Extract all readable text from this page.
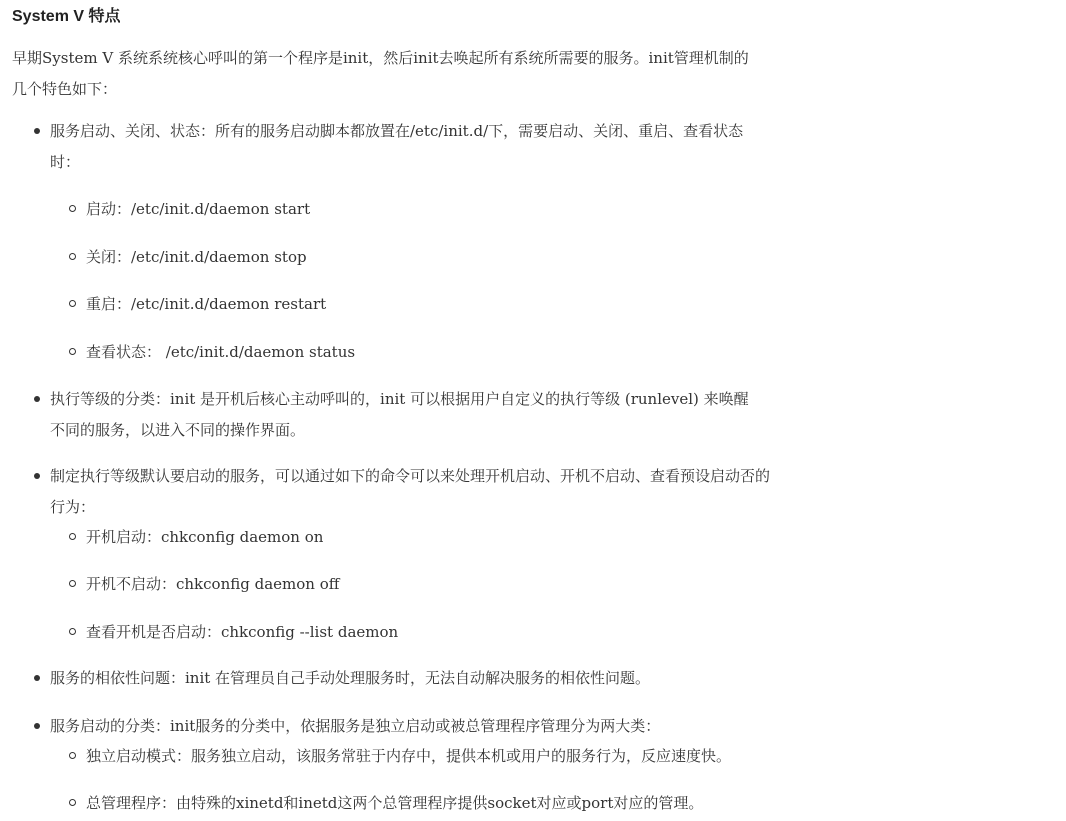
System V 特点

早期System V 系统系统核心呼叫的第一个程序是init，然后init去唤起所有系统所需要的服务。init管理机制的
几个特色如下：

服务启动、关闭、状态：所有的服务启动脚本都放置在/etc/init.d/下，需要启动、关闭、重启、查看状态
时：
启动：/etc/init.d/daemon start
关闭：/etc/init.d/daemon stop
重启：/etc/init.d/daemon restart
查看状态： /etc/init.d/daemon status
执行等级的分类：init 是开机后核心主动呼叫的，init 可以根据用户自定义的执行等级 (runlevel) 来唤醒
不同的服务，以进入不同的操作界面。
制定执行等级默认要启动的服务，可以通过如下的命令可以来处理开机启动、开机不启动、查看预设启动否的
行为：
开机启动：chkconfig daemon on
开机不启动：chkconfig daemon off
查看开机是否启动：chkconfig --list daemon
服务的相依性问题：init 在管理员自己手动处理服务时，无法自动解决服务的相依性问题。
服务启动的分类：init服务的分类中，依据服务是独立启动或被总管理程序管理分为两大类：
独立启动模式：服务独立启动，该服务常驻于内存中，提供本机或用户的服务行为，反应速度快。
总管理程序：由特殊的xinetd和inetd这两个总管理程序提供socket对应或port对应的管理。
